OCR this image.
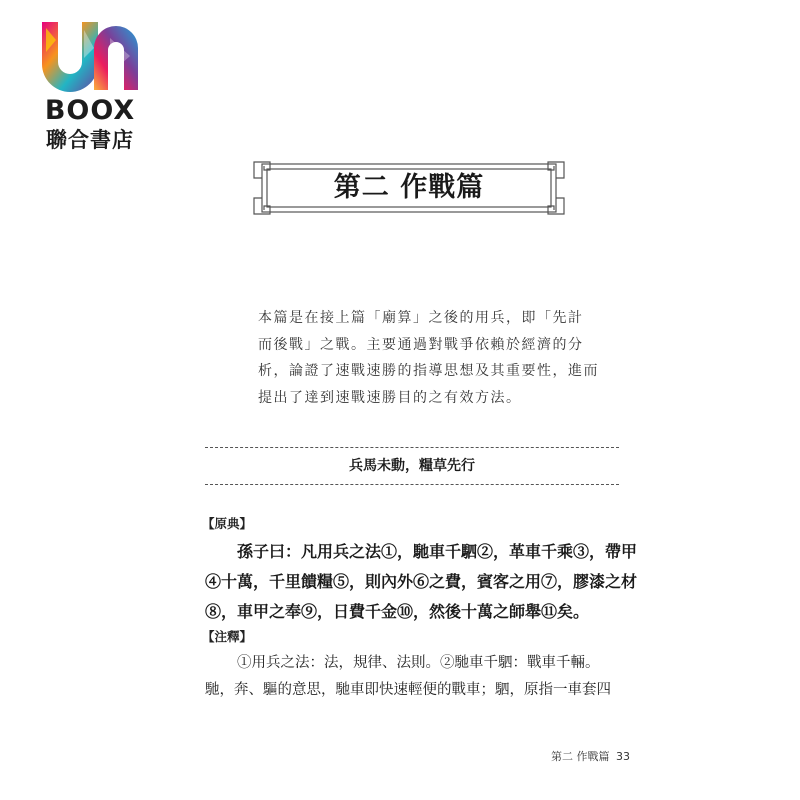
BOOX
聯合書店
第二 作戰篇

本篇是在接上篇「廟算」之後的用兵，即「先計

而後戰」之戰。主要通過對戰爭依賴於經濟的分

析，論證了速戰速勝的指導思想及其重要性，進而

提出了達到速戰速勝目的之有效方法。

兵馬未動，糧草先行
【原典】

孫子曰：凡用兵之法①，馳車千駟②，革車千乘③，帶甲

④十萬，千里饋糧⑤，則內外⑥之費，賓客之用⑦，膠漆之材

⑧，車甲之奉⑨，日費千金⑩，然後十萬之師舉⑪矣。

【注釋】

①用兵之法：法，規律、法則。②馳車千駟：戰車千輛。

馳，奔、驅的意思，馳車即快速輕便的戰車；駟，原指一車套四

第二 作戰篇 33
